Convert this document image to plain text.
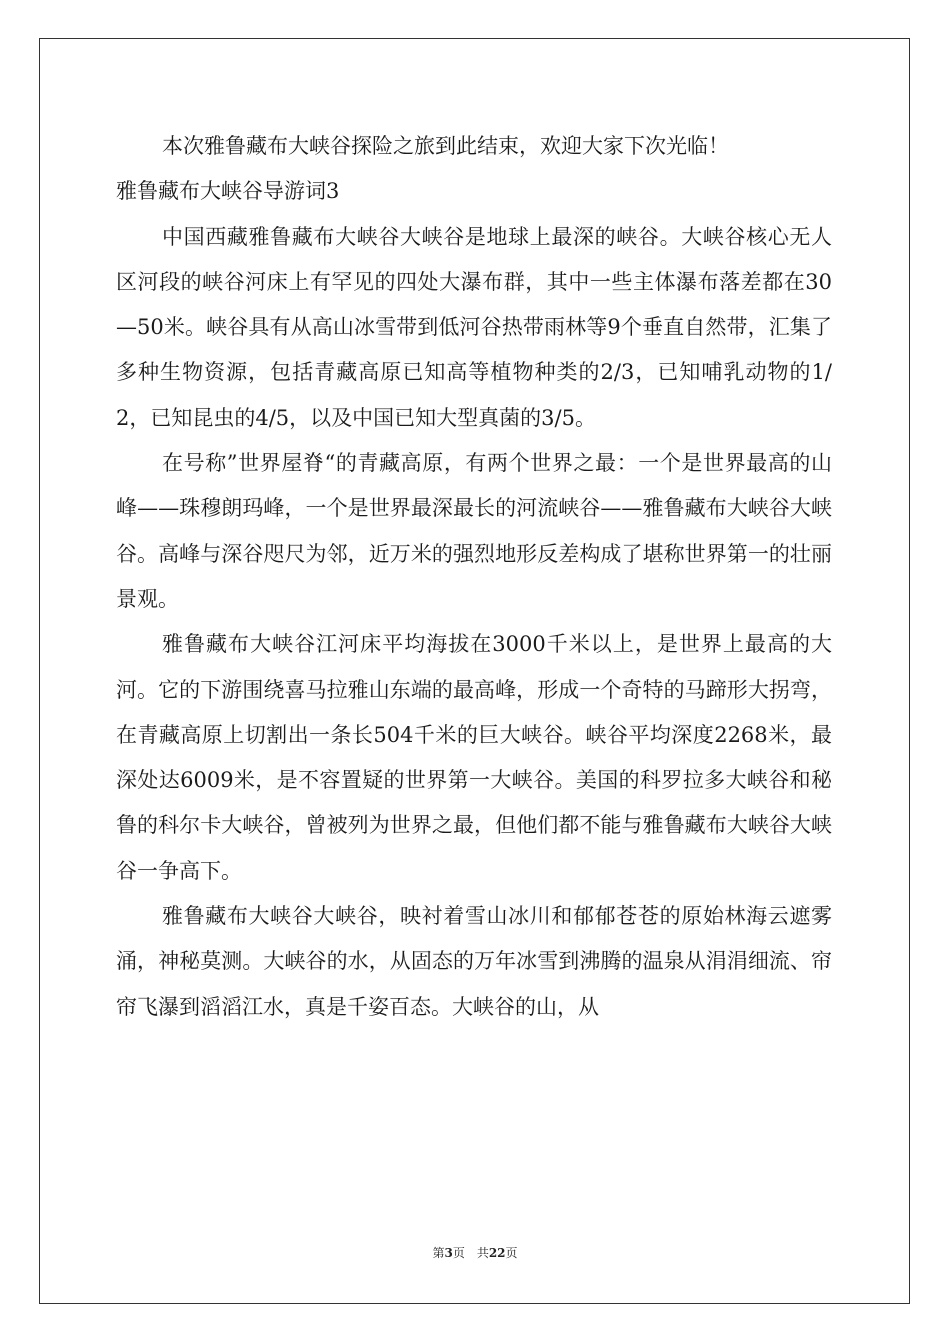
本次雅鲁藏布大峡谷探险之旅到此结束，欢迎大家下次光临！

雅鲁藏布大峡谷导游词3

中国西藏雅鲁藏布大峡谷大峡谷是地球上最深的峡谷。大峡谷核心无人区河段的峡谷河床上有罕见的四处大瀑布群，其中一些主体瀑布落差都在30—50米。峡谷具有从高山冰雪带到低河谷热带雨林等9个垂直自然带，汇集了多种生物资源，包括青藏高原已知高等植物种类的2/3，已知哺乳动物的1/2，已知昆虫的4/5，以及中国已知大型真菌的3/5。

在号称”世界屋脊“的青藏高原，有两个世界之最：一个是世界最高的山峰——珠穆朗玛峰，一个是世界最深最长的河流峡谷——雅鲁藏布大峡谷大峡谷。高峰与深谷咫尺为邻，近万米的强烈地形反差构成了堪称世界第一的壮丽景观。

雅鲁藏布大峡谷江河床平均海拔在3000千米以上，是世界上最高的大河。它的下游围绕喜马拉雅山东端的最高峰，形成一个奇特的马蹄形大拐弯，在青藏高原上切割出一条长504千米的巨大峡谷。峡谷平均深度2268米，最深处达6009米，是不容置疑的世界第一大峡谷。美国的科罗拉多大峡谷和秘鲁的科尔卡大峡谷，曾被列为世界之最，但他们都不能与雅鲁藏布大峡谷大峡谷一争高下。

雅鲁藏布大峡谷大峡谷，映衬着雪山冰川和郁郁苍苍的原始林海云遮雾涌，神秘莫测。大峡谷的水，从固态的万年冰雪到沸腾的温泉从涓涓细流、帘帘飞瀑到滔滔江水，真是千姿百态。大峡谷的山，从

第3页　共22页
